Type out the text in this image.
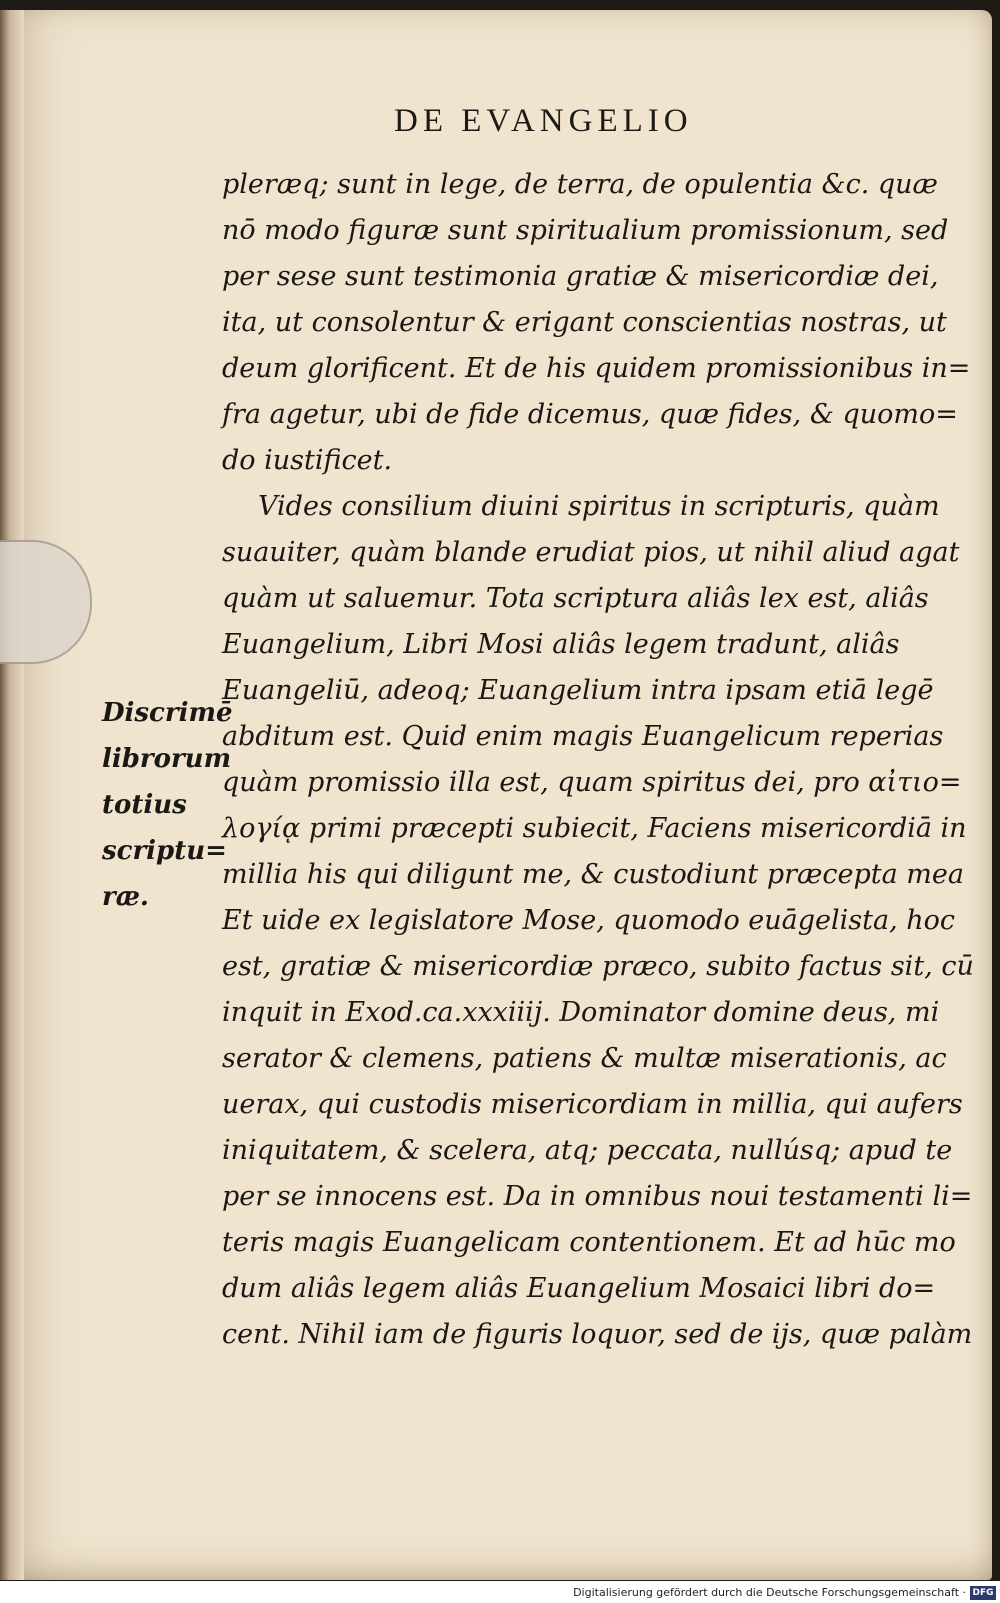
DE EVANGELIO
pleræq; sunt in lege, de terra, de opulentia &c. quæ
nō modo figuræ sunt spiritualium promissionum, sed
per sese sunt testimonia gratiæ & misericordiæ dei,
ita, ut consolentur & erigant conscientias nostras, ut
deum glorificent. Et de his quidem promissionibus in=
fra agetur, ubi de fide dicemus, quæ fides, & quomo=
do iustificet.
Vides consilium diuini spiritus in scripturis, quàm
suauiter, quàm blande erudiat pios, ut nihil aliud agat
quàm ut saluemur. Tota scriptura aliâs lex est, aliâs
Euangelium, Libri Mosi aliâs legem tradunt, aliâs
Euangeliū, adeoq; Euangelium intra ipsam etiā legē
abditum est. Quid enim magis Euangelicum reperias
quàm promissio illa est, quam spiritus dei, pro αἰτιο=
λογίᾳ primi præcepti subiecit, Faciens misericordiā in
millia his qui diligunt me, & custodiunt præcepta mea
Et uide ex legislatore Mose, quomodo euāgelista, hoc
est, gratiæ & misericordiæ præco, subito factus sit, cū
inquit in Exod.ca.xxxiiij. Dominator domine deus, mi
serator & clemens, patiens & multæ miserationis, ac
uerax, qui custodis misericordiam in millia, qui aufers
iniquitatem, & scelera, atq; peccata, nullúsq; apud te
per se innocens est. Da in omnibus noui testamenti li=
teris magis Euangelicam contentionem. Et ad hūc mo
dum aliâs legem aliâs Euangelium Mosaici libri do=
cent. Nihil iam de figuris loquor, sed de ijs, quæ palàm
Discrimē
librorum
totius
scriptu=
ræ.
Digitalisierung gefördert durch die Deutsche Forschungsgemeinschaft · DFG
